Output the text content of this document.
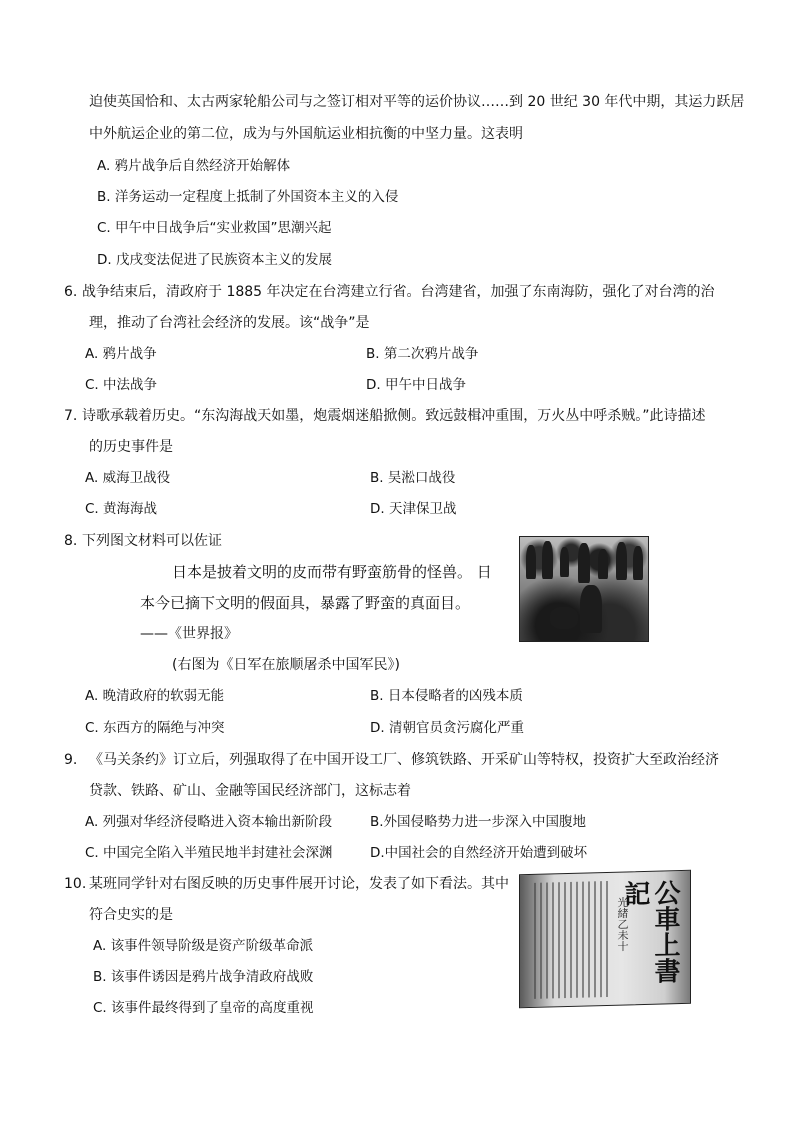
迫使英国恰和、太古两家轮船公司与之签订相对平等的运价协议……到 20 世纪 30 年代中期，其运力跃居
中外航运企业的第二位，成为与外国航运业相抗衡的中坚力量。这表明
A. 鸦片战争后自然经济开始解体
B. 洋务运动一定程度上抵制了外国资本主义的入侵
C. 甲午中日战争后“实业救国”思潮兴起
D. 戊戌变法促进了民族资本主义的发展
6. 战争结束后，清政府于 1885 年决定在台湾建立行省。台湾建省，加强了东南海防，强化了对台湾的治
理，推动了台湾社会经济的发展。该“战争”是
A. 鸦片战争	B. 第二次鸦片战争
C. 中法战争	D. 甲午中日战争
7. 诗歌承载着历史。“东沟海战天如墨，炮震烟迷船掀侧。致远鼓楫冲重围，万火丛中呼杀贼。”此诗描述
的历史事件是
A. 威海卫战役	B. 吴淞口战役
C. 黄海海战	D. 天津保卫战
8. 下列图文材料可以佐证
日本是披着文明的皮而带有野蛮筋骨的怪兽。 日
本今已摘下文明的假面具，暴露了野蛮的真面目。
——《世界报》
(右图为《日军在旅顺屠杀中国军民》)
A. 晚清政府的软弱无能	B. 日本侵略者的凶残本质
C. 东西方的隔绝与冲突	D. 清朝官员贪污腐化严重
9. 《马关条约》订立后，列强取得了在中国开设工厂、修筑铁路、开采矿山等特权，投资扩大至政治经济
贷款、铁路、矿山、金融等国民经济部门，这标志着
A. 列强对华经济侵略进入资本输出新阶段	B.外国侵略势力进一步深入中国腹地
C. 中国完全陷入半殖民地半封建社会深渊	D.中国社会的自然经济开始遭到破坏
10. 某班同学针对右图反映的历史事件展开讨论，发表了如下看法。其中
符合史实的是
A. 该事件领导阶级是资产阶级革命派
B. 该事件诱因是鸦片战争清政府战败
C. 该事件最终得到了皇帝的高度重视
光緒乙未十 公車上書記
